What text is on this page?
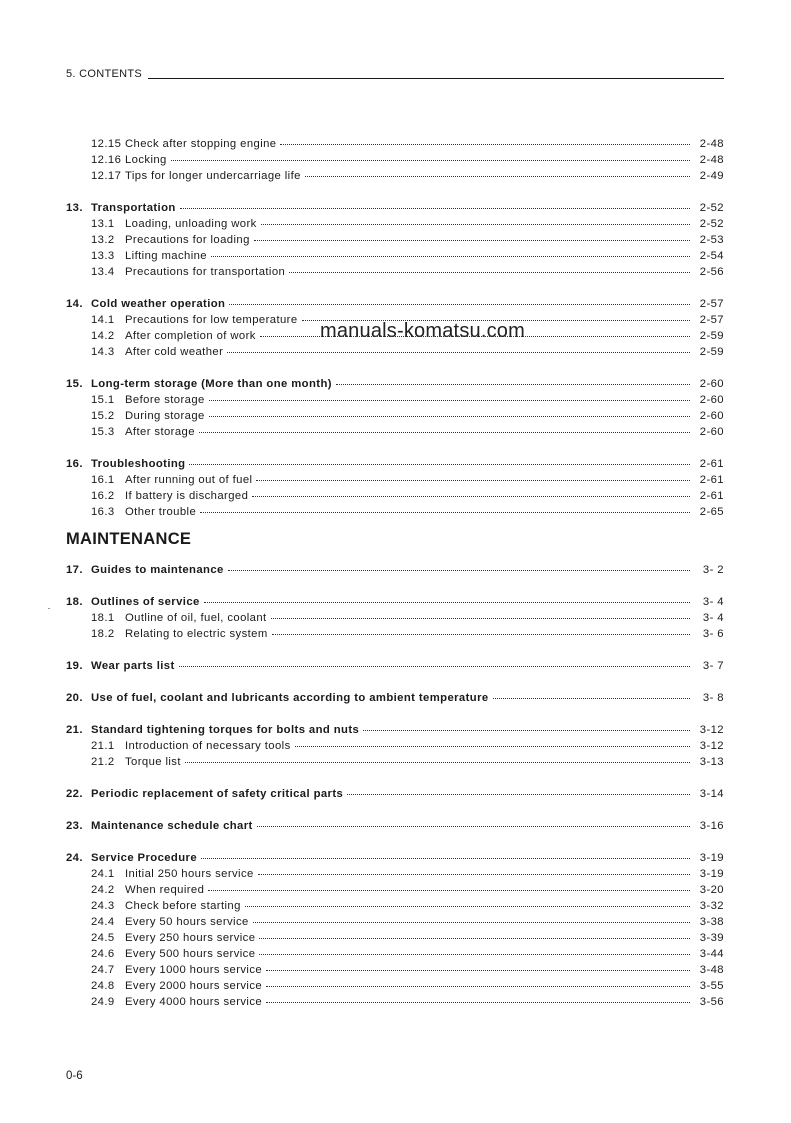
5. CONTENTS
manuals-komatsu.com
12.15 Check after stopping engine	2-48
12.16 Locking	2-48
12.17 Tips for longer undercarriage life	2-49
13. Transportation	2-52
13.1 Loading, unloading work	2-52
13.2 Precautions for loading	2-53
13.3 Lifting machine	2-54
13.4 Precautions for transportation	2-56
14. Cold weather operation	2-57
14.1 Precautions for low temperature	2-57
14.2 After completion of work	2-59
14.3 After cold weather	2-59
15. Long-term storage (More than one month)	2-60
15.1 Before storage	2-60
15.2 During storage	2-60
15.3 After storage	2-60
16. Troubleshooting	2-61
16.1 After running out of fuel	2-61
16.2 If battery is discharged	2-61
16.3 Other trouble	2-65
MAINTENANCE
17. Guides to maintenance	3- 2
18. Outlines of service	3- 4
18.1 Outline of oil, fuel, coolant	3- 4
18.2 Relating to electric system	3- 6
19. Wear parts list	3- 7
20. Use of fuel, coolant and lubricants according to ambient temperature	3- 8
21. Standard tightening torques for bolts and nuts	3-12
21.1 Introduction of necessary tools	3-12
21.2 Torque list	3-13
22. Periodic replacement of safety critical parts	3-14
23. Maintenance schedule chart	3-16
24. Service Procedure	3-19
24.1 Initial 250 hours service	3-19
24.2 When required	3-20
24.3 Check before starting	3-32
24.4 Every 50 hours service	3-38
24.5 Every 250 hours service	3-39
24.6 Every 500 hours service	3-44
24.7 Every 1000 hours service	3-48
24.8 Every 2000 hours service	3-55
24.9 Every 4000 hours service	3-56
0-6
